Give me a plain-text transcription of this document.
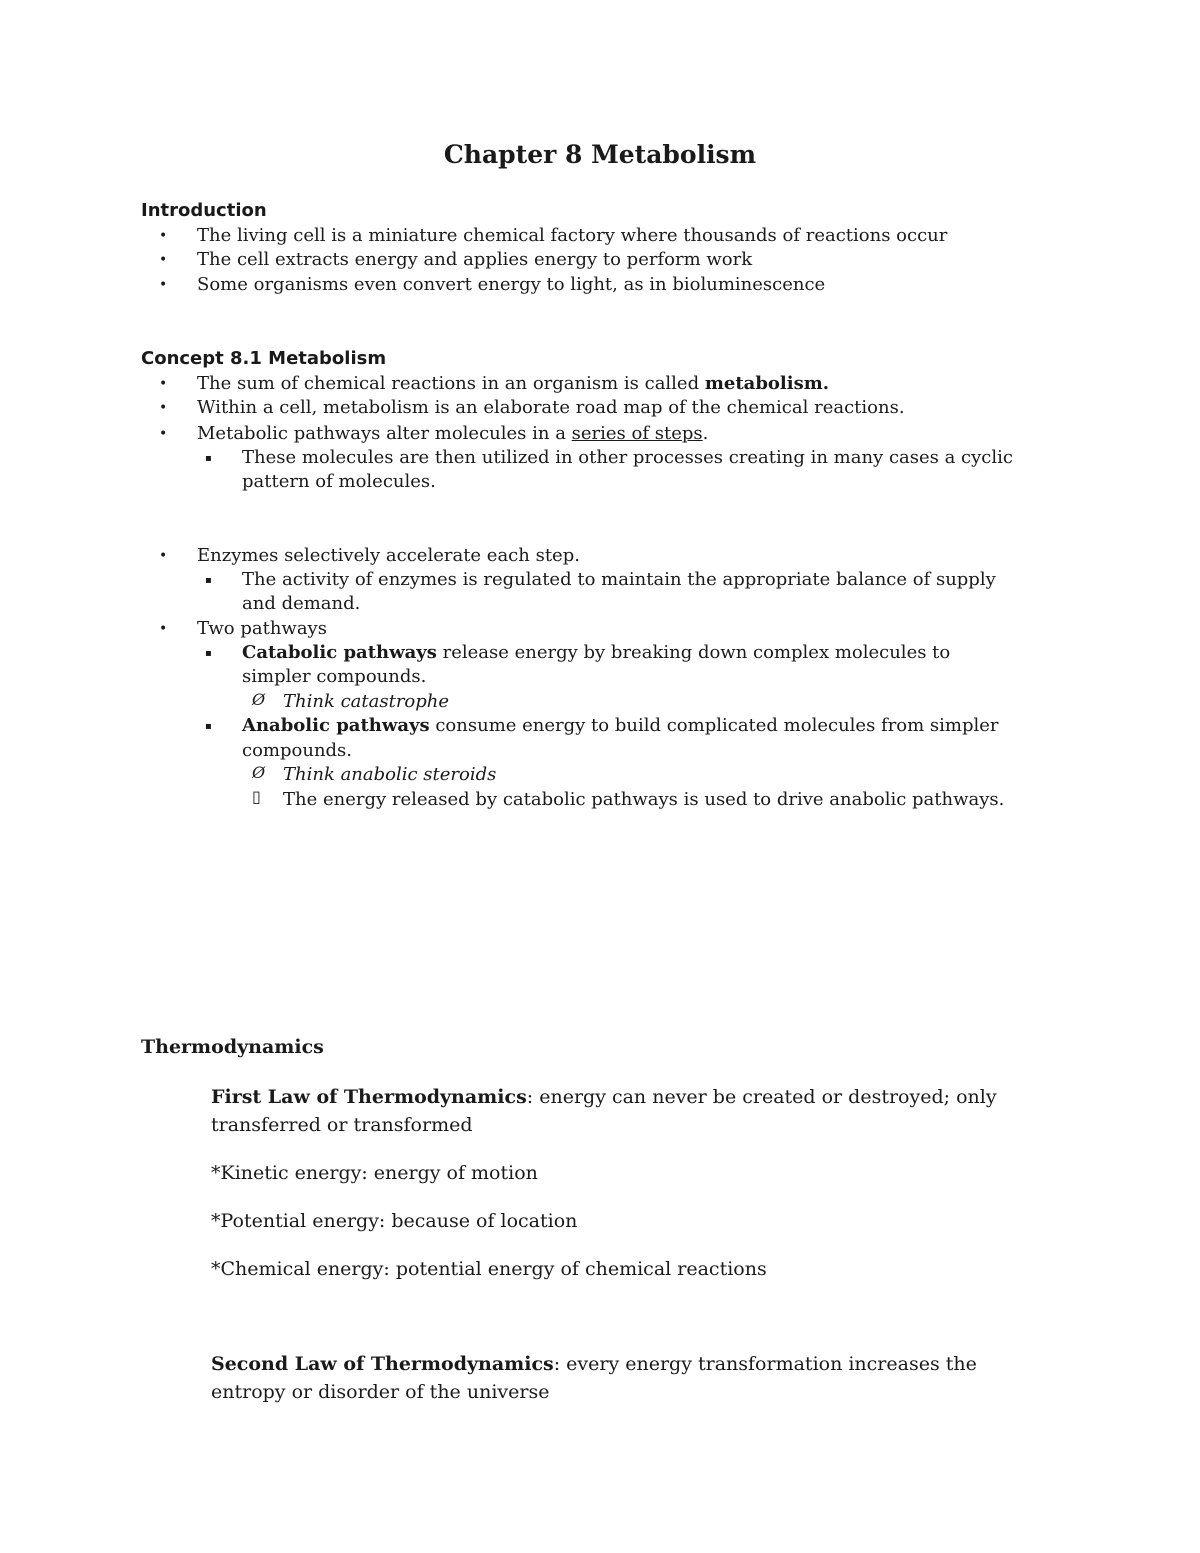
Chapter 8 Metabolism
Introduction
• The living cell is a miniature chemical factory where thousands of reactions occur
• The cell extracts energy and applies energy to perform work
• Some organisms even convert energy to light, as in bioluminescence
Concept 8.1 Metabolism
• The sum of chemical reactions in an organism is called metabolism.
• Within a cell, metabolism is an elaborate road map of the chemical reactions.
• Metabolic pathways alter molecules in a series of steps.
▪ These molecules are then utilized in other processes creating in many cases a cyclic
pattern of molecules.
• Enzymes selectively accelerate each step.
▪ The activity of enzymes is regulated to maintain the appropriate balance of supply
and demand.
• Two pathways
▪ Catabolic pathways release energy by breaking down complex molecules to
simpler compounds.
Ø Think catastrophe
▪ Anabolic pathways consume energy to build complicated molecules from simpler
compounds.
Ø Think anabolic steroids
▯ The energy released by catabolic pathways is used to drive anabolic pathways.
Thermodynamics
First Law of Thermodynamics: energy can never be created or destroyed; only
transferred or transformed
*Kinetic energy: energy of motion
*Potential energy: because of location
*Chemical energy: potential energy of chemical reactions
Second Law of Thermodynamics: every energy transformation increases the
entropy or disorder of the universe
